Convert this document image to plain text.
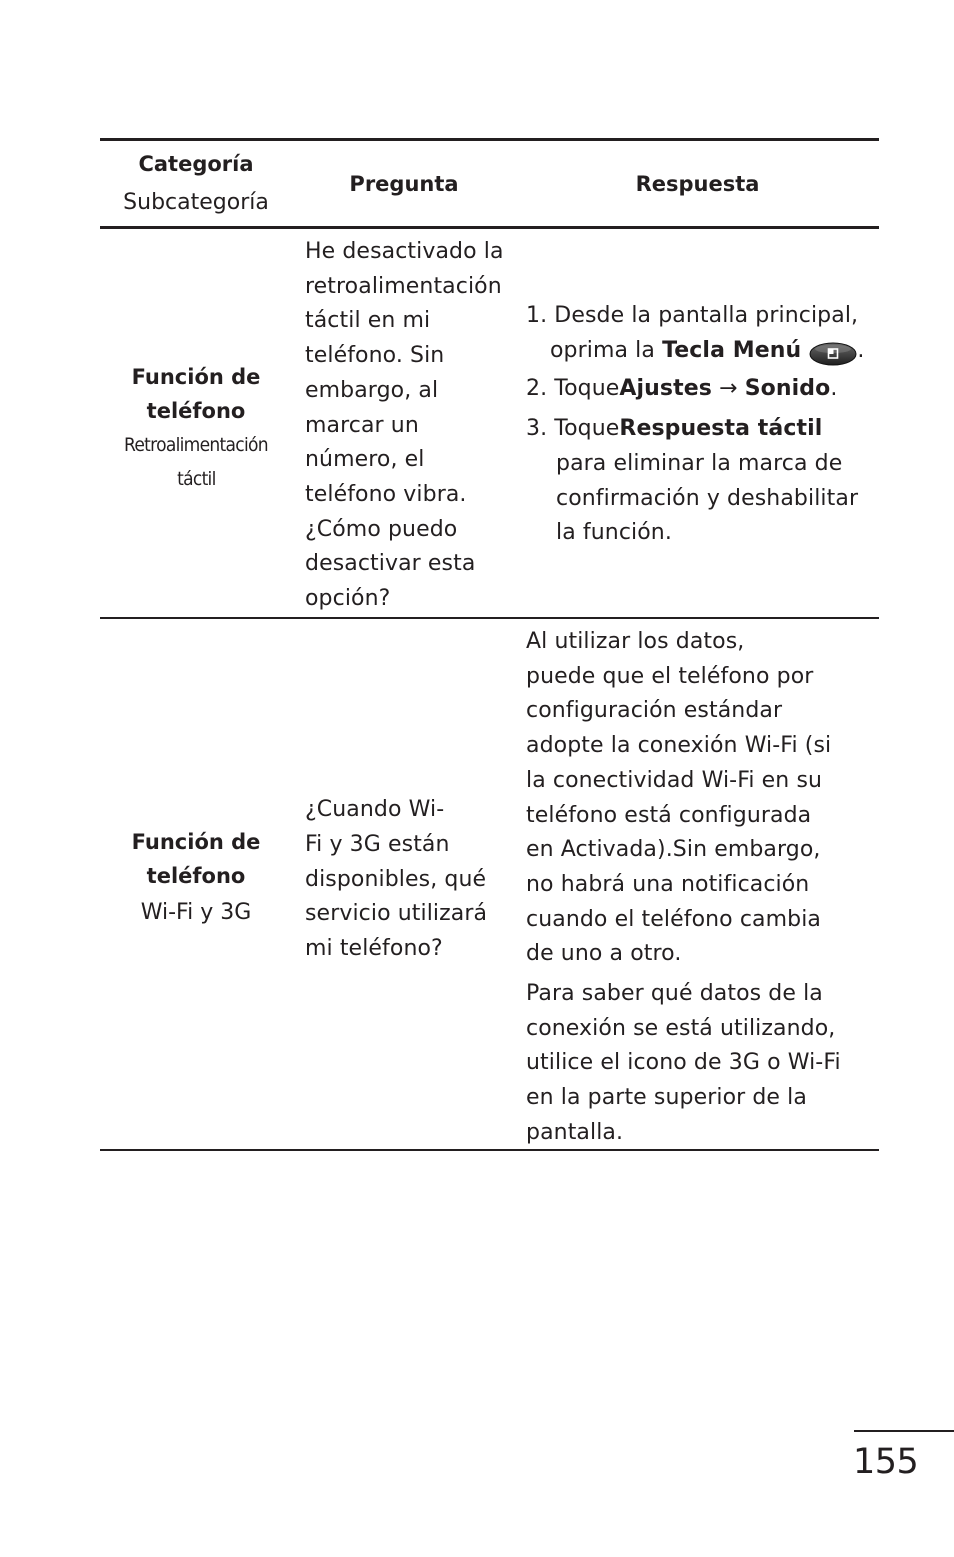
Categoría
Subcategoría
Pregunta	Respuesta
Función de
teléfono
Retroalimentación
táctil
He desactivado la
retroalimentación
táctil en mi
teléfono. Sin
embargo, al
marcar un
número, el
teléfono vibra.
¿Cómo puedo
desactivar esta
opción?
1.
Desde la pantalla principal,
oprima la Tecla Menú	.
2.
Toque Ajustes → Sonido .
3.
Toque Respuesta táctil
para eliminar la marca de
confirmación y deshabilitar
la función.
Función de
teléfono
Wi-Fi y 3G
¿Cuando Wi-
Fi y 3G están
disponibles, qué
servicio utilizará
mi teléfono?
Al utilizar los datos,
puede que el teléfono por
configuración estándar
adopte la conexión Wi-Fi (si
la conectividad Wi-Fi en su
teléfono está configurada
en Activada).Sin embargo,
no habrá una notificación
cuando el teléfono cambia
de uno a otro.
Para saber qué datos de la
conexión se está utilizando,
utilice el icono de 3G o Wi-Fi
en la parte superior de la
pantalla.
155
